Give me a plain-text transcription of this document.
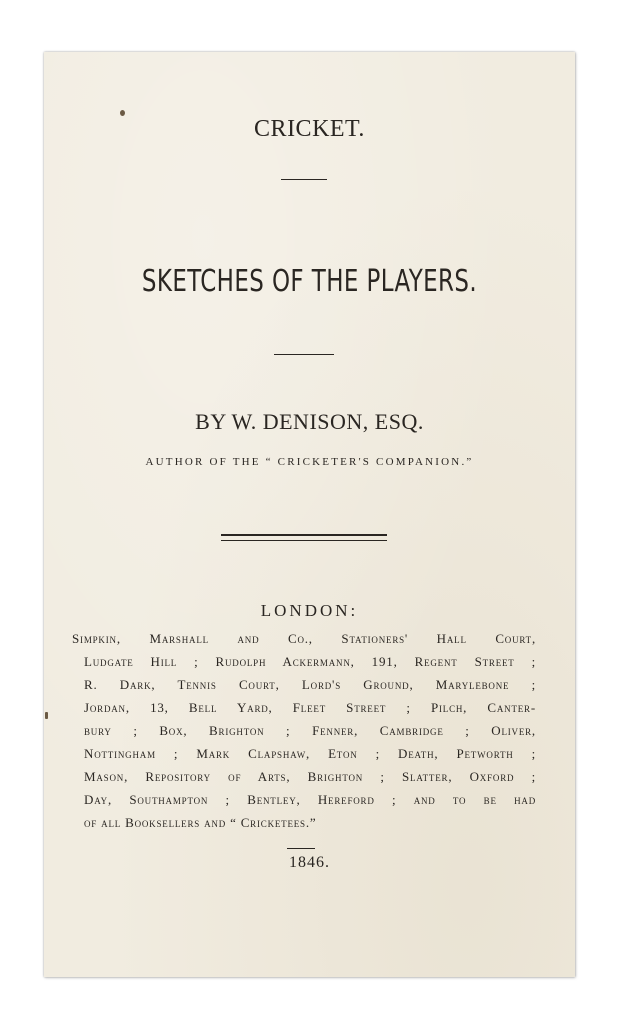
CRICKET.
SKETCHES OF THE PLAYERS.
BY W. DENISON, ESQ.
AUTHOR OF THE “ CRICKETER'S COMPANION.”
LONDON:
Simpkin, Marshall and Co., Stationers' Hall Court,
Ludgate Hill ; Rudolph Ackermann, 191, Regent Street ;
R. Dark, Tennis Court, Lord's Ground, Marylebone ;
Jordan, 13, Bell Yard, Fleet Street ; Pilch, Canter-
bury ; Box, Brighton ; Fenner, Cambridge ; Oliver,
Nottingham ; Mark Clapshaw, Eton ; Death, Petworth ;
Mason, Repository of Arts, Brighton ; Slatter, Oxford ;
Day, Southampton ; Bentley, Hereford ; and to be had
of all Booksellers and “ Cricketees.”
1846.
